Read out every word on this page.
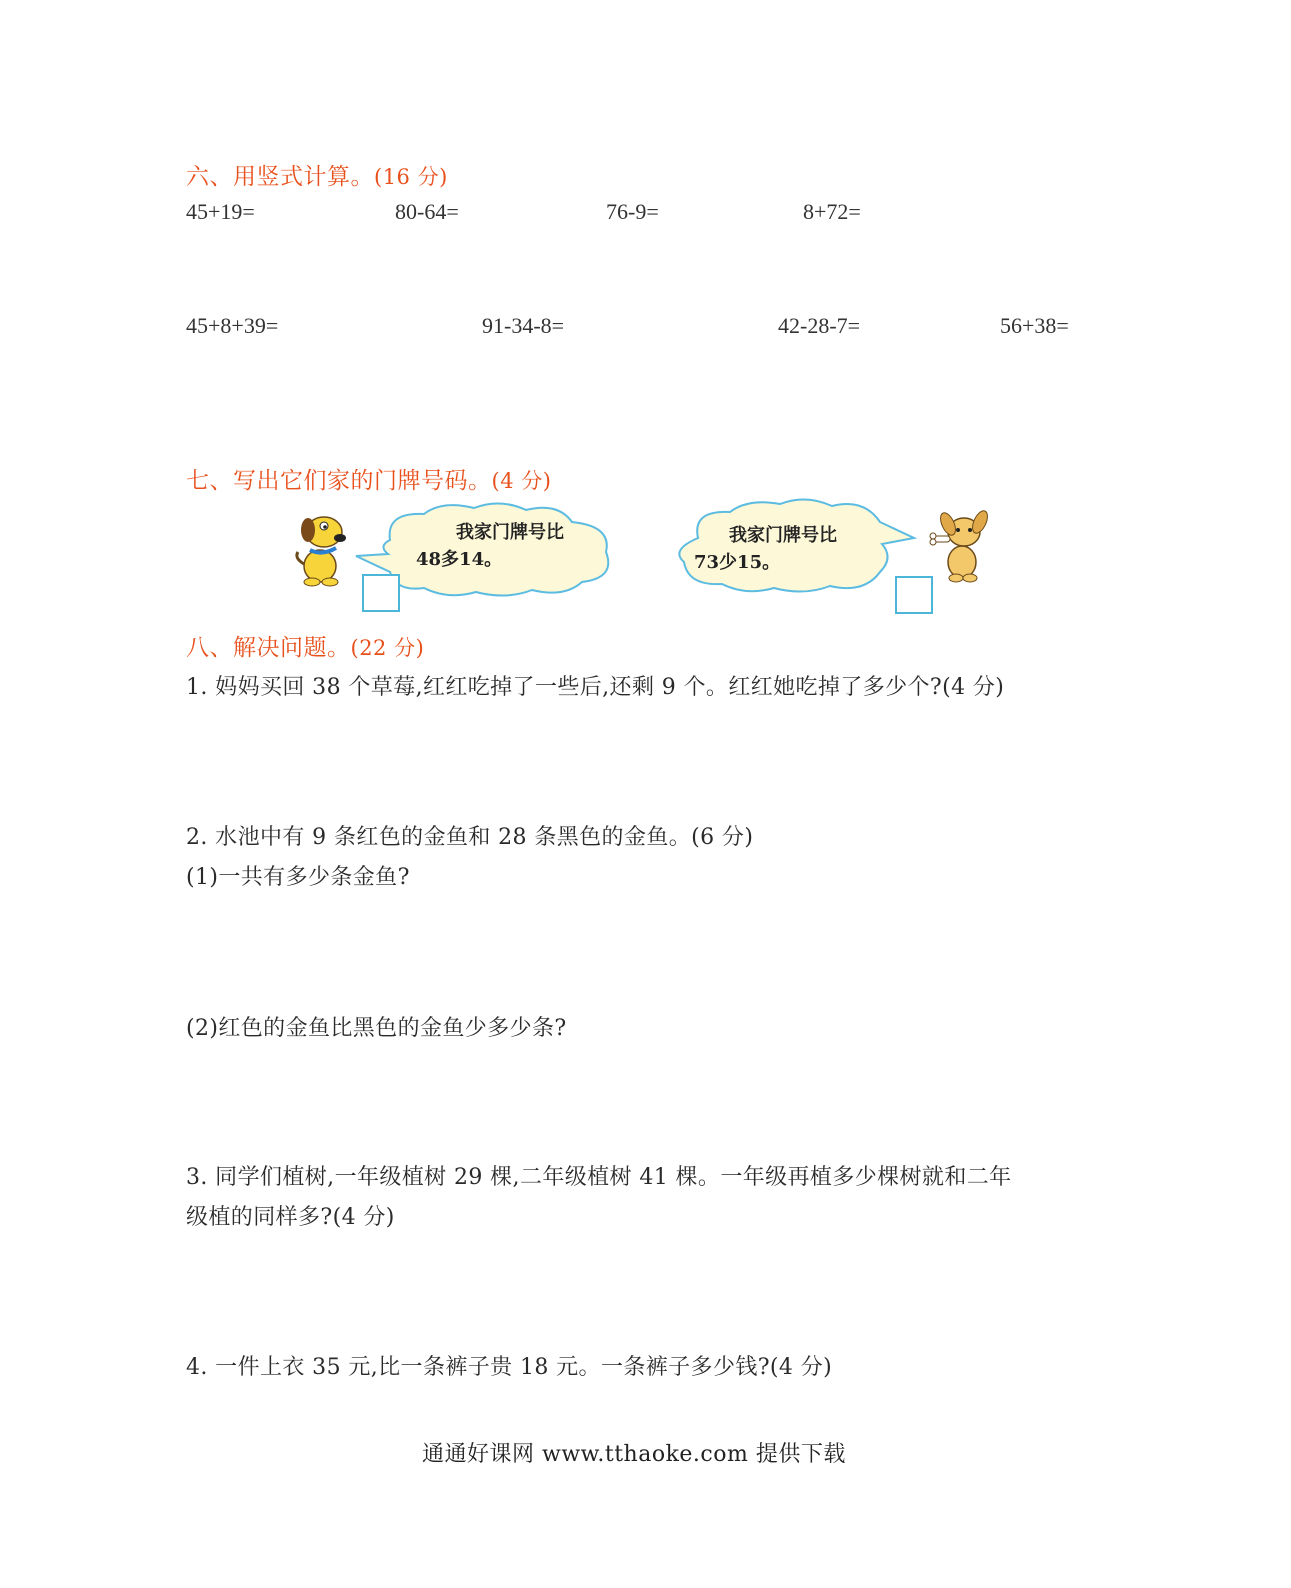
六、用竖式计算。(16 分)
45+19=	80-64=	76-9=	8+72=
45+8+39=	91-34-8=	42-28-7=	56+38=
七、写出它们家的门牌号码。(4 分)
我家门牌号比
48多14。
我家门牌号比
73少15。
八、解决问题。(22 分)
1. 妈妈买回 38 个草莓,红红吃掉了一些后,还剩 9 个。红红她吃掉了多少个?(4 分)
2. 水池中有 9 条红色的金鱼和 28 条黑色的金鱼。(6 分)
(1)一共有多少条金鱼?
(2)红色的金鱼比黑色的金鱼少多少条?
3. 同学们植树,一年级植树 29 棵,二年级植树 41 棵。一年级再植多少棵树就和二年
级植的同样多?(4 分)
4. 一件上衣 35 元,比一条裤子贵 18 元。一条裤子多少钱?(4 分)
通通好课网 www.tthaoke.com 提供下载
